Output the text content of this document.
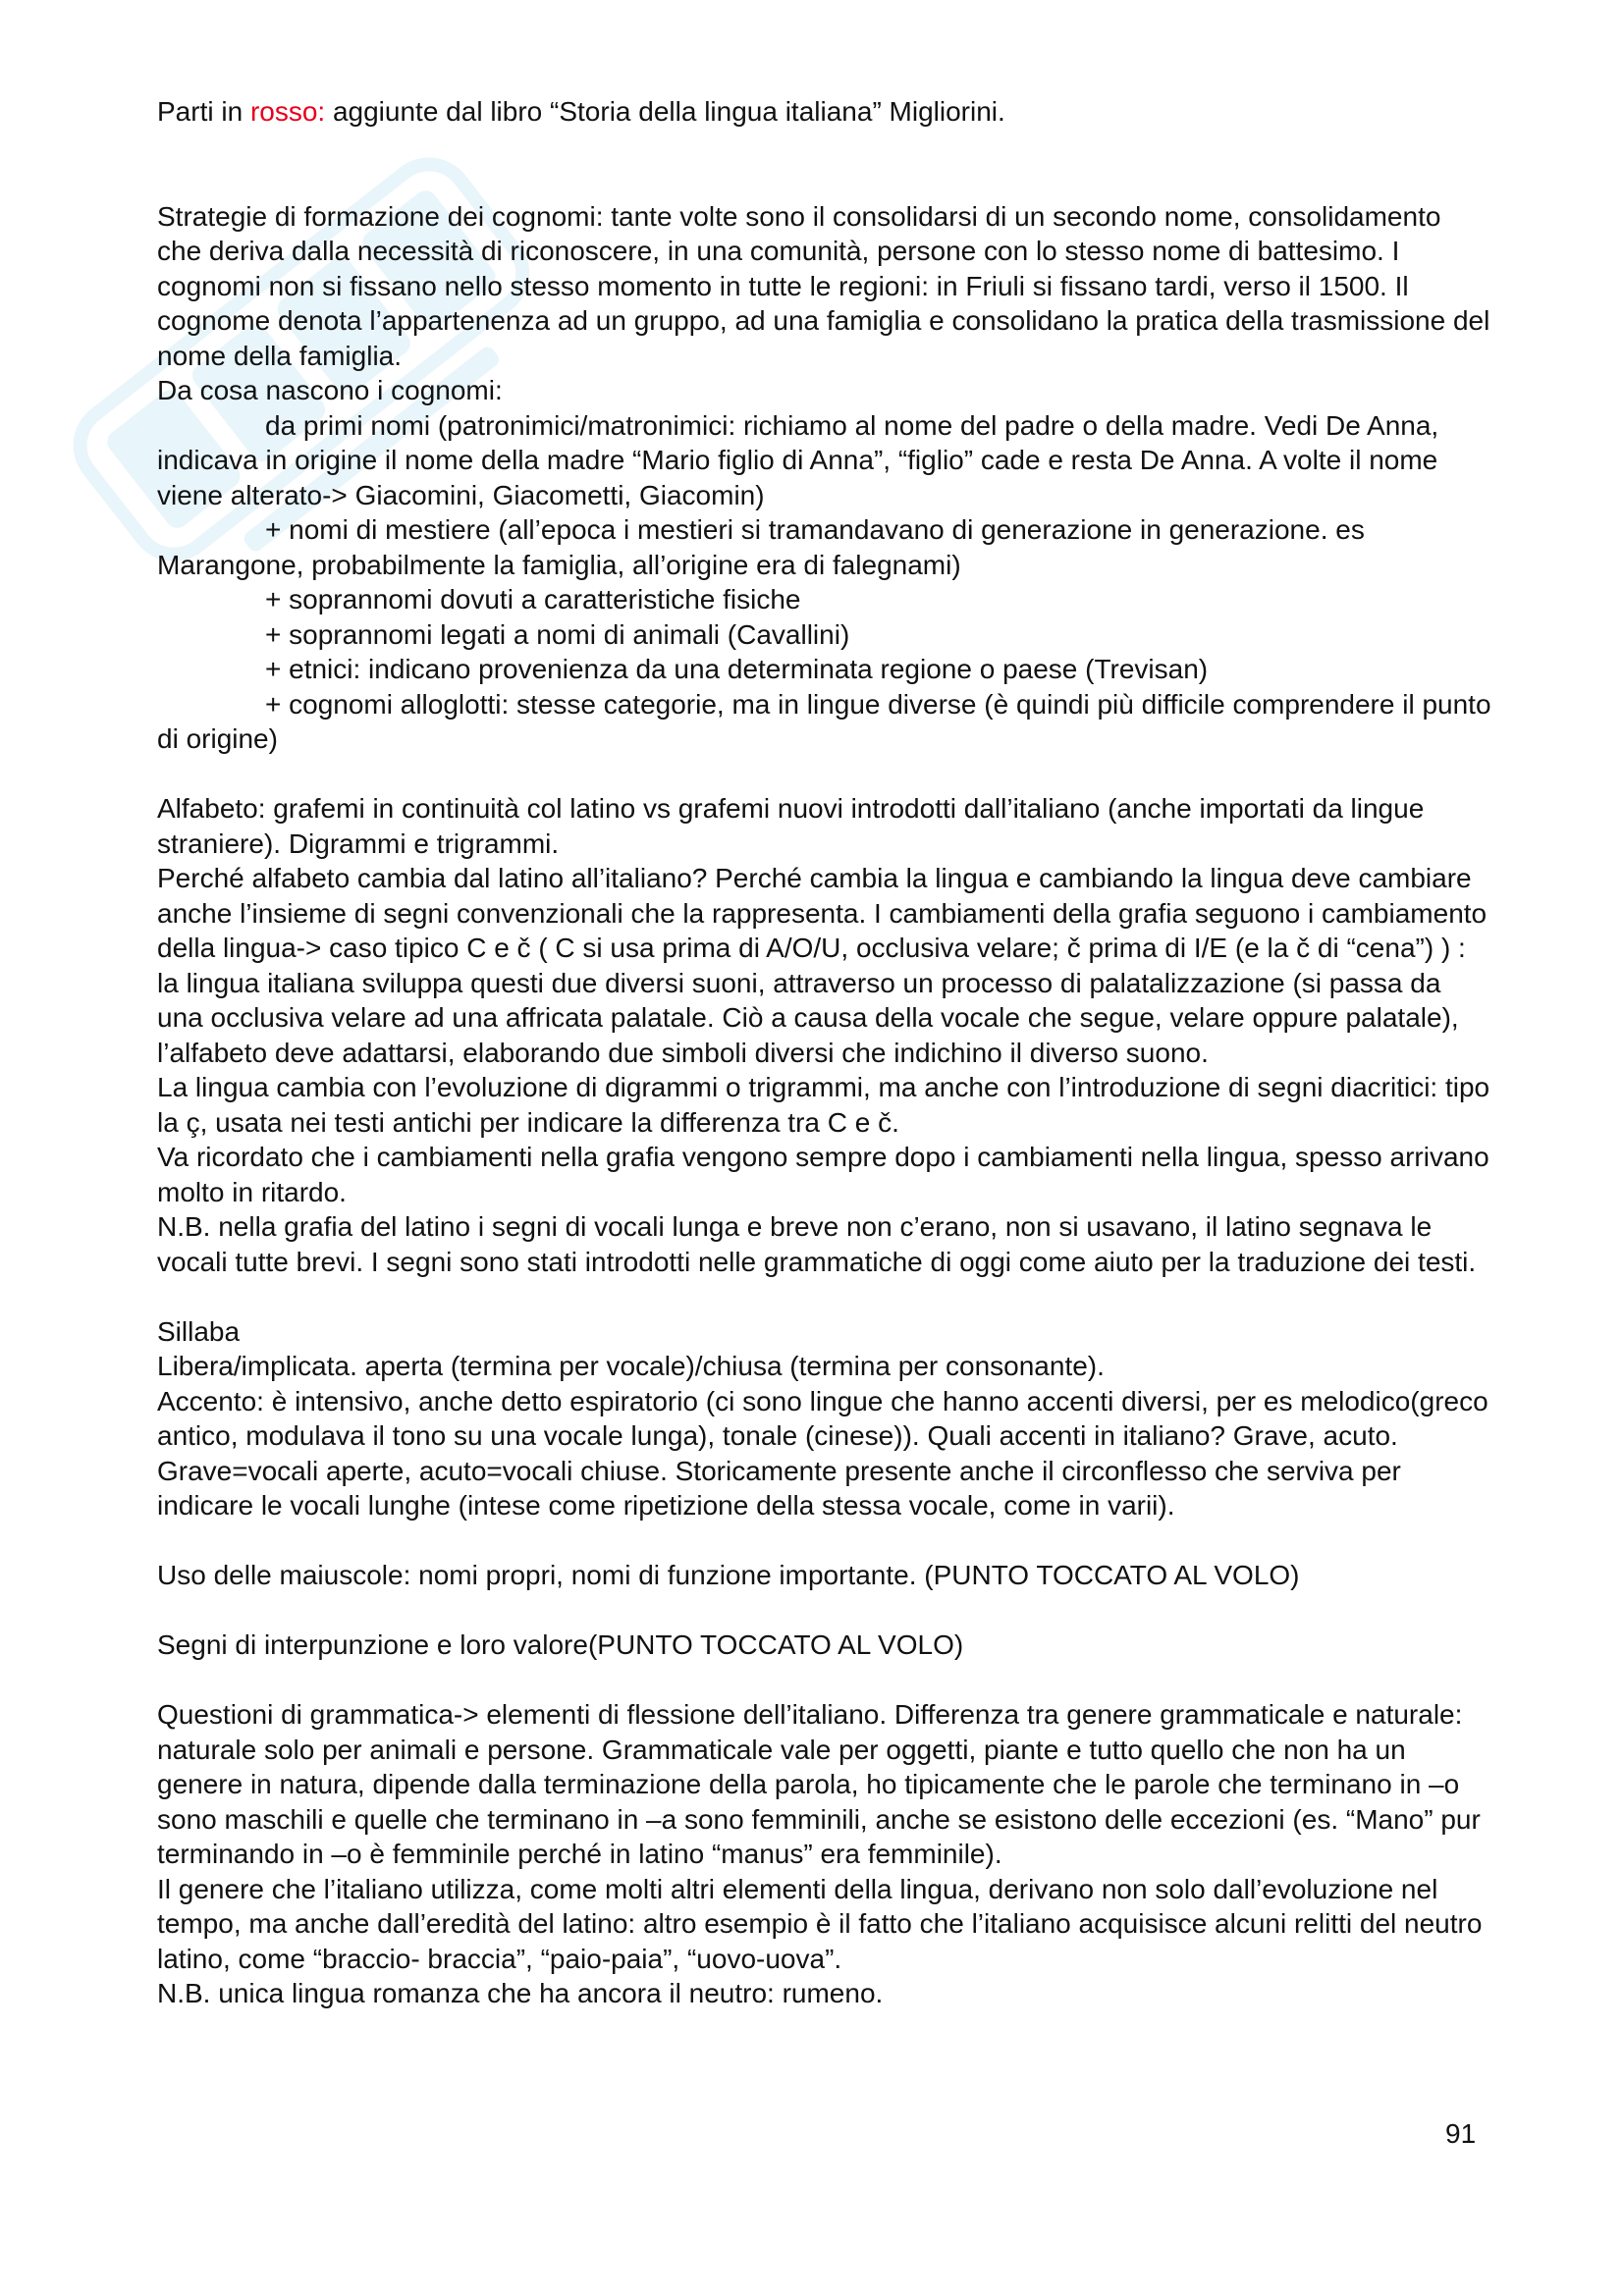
Parti in rosso: aggiunte dal libro “Storia della lingua italiana” Migliorini.

Strategie di formazione dei cognomi: tante volte sono il consolidarsi di un secondo nome, consolidamento che deriva dalla necessità di riconoscere, in una comunità, persone con lo stesso nome di battesimo. I cognomi non si fissano nello stesso momento in tutte le regioni: in Friuli si fissano tardi, verso il 1500. Il cognome denota l’appartenenza ad un gruppo, ad una famiglia e consolidano la pratica della trasmissione del nome della famiglia.

Da cosa nascono i cognomi:

da primi nomi (patronimici/matronimici: richiamo al nome del padre o della madre. Vedi De Anna, indicava in origine il nome della madre “Mario figlio di Anna”, “figlio” cade e resta De Anna. A volte il nome viene alterato-> Giacomini, Giacometti, Giacomin)

+ nomi di mestiere (all’epoca i mestieri si tramandavano di generazione in generazione. es Marangone, probabilmente la famiglia, all’origine era di falegnami)

+ soprannomi dovuti a caratteristiche fisiche

+ soprannomi legati a nomi di animali (Cavallini)

+ etnici: indicano provenienza da una determinata regione o paese (Trevisan)

+ cognomi alloglotti: stesse categorie, ma in lingue diverse (è quindi più difficile comprendere il punto di origine)

Alfabeto: grafemi in continuità col latino vs grafemi nuovi introdotti dall’italiano (anche importati da lingue straniere). Digrammi e trigrammi.

Perché alfabeto cambia dal latino all’italiano? Perché cambia la lingua e cambiando la lingua deve cambiare anche l’insieme di segni convenzionali che la rappresenta. I cambiamenti della grafia seguono i cambiamento della lingua-> caso tipico C e č ( C si usa prima di A/O/U, occlusiva velare; č prima di I/E (e la č di “cena”) ) : la lingua italiana sviluppa questi due diversi suoni, attraverso un processo di palatalizzazione (si passa da una occlusiva velare ad una affricata palatale. Ciò a causa della vocale che segue, velare oppure palatale), l’alfabeto deve adattarsi, elaborando due simboli diversi che indichino il diverso suono.

La lingua cambia con l’evoluzione di digrammi o trigrammi, ma anche con l’introduzione di segni diacritici: tipo la ç, usata nei testi antichi per indicare la differenza tra C e č.

Va ricordato che i cambiamenti nella grafia vengono sempre dopo i cambiamenti nella lingua, spesso arrivano molto in ritardo.

N.B. nella grafia del latino i segni di vocali lunga e breve non c’erano, non si usavano, il latino segnava le vocali tutte brevi. I segni sono stati introdotti nelle grammatiche di oggi come aiuto per la traduzione dei testi.

Sillaba

Libera/implicata. aperta (termina per vocale)/chiusa (termina per consonante).

Accento: è intensivo, anche detto espiratorio (ci sono lingue che hanno accenti diversi, per es melodico(greco antico, modulava il tono su una vocale lunga), tonale (cinese)). Quali accenti in italiano? Grave, acuto. Grave=vocali aperte, acuto=vocali chiuse. Storicamente presente anche il circonflesso che serviva per indicare le vocali lunghe (intese come ripetizione della stessa vocale, come in varii).

Uso delle maiuscole: nomi propri, nomi di funzione importante. (PUNTO TOCCATO AL VOLO)

Segni di interpunzione e loro valore(PUNTO TOCCATO AL VOLO)

Questioni di grammatica-> elementi di flessione dell’italiano. Differenza tra genere grammaticale e naturale: naturale solo per animali e persone. Grammaticale vale per oggetti, piante e tutto quello che non ha un genere in natura, dipende dalla terminazione della parola, ho tipicamente che le parole che terminano in –o sono maschili e quelle che terminano in –a sono femminili, anche se esistono delle eccezioni (es. “Mano” pur terminando in –o è femminile perché in latino “manus” era femminile).

Il genere che l’italiano utilizza, come molti altri elementi della lingua, derivano non solo dall’evoluzione nel tempo, ma anche dall’eredità del latino: altro esempio è il fatto che l’italiano acquisisce alcuni relitti del neutro latino, come “braccio- braccia”, “paio-paia”, “uovo-uova”.

N.B. unica lingua romanza che ha ancora il neutro: rumeno.

91
